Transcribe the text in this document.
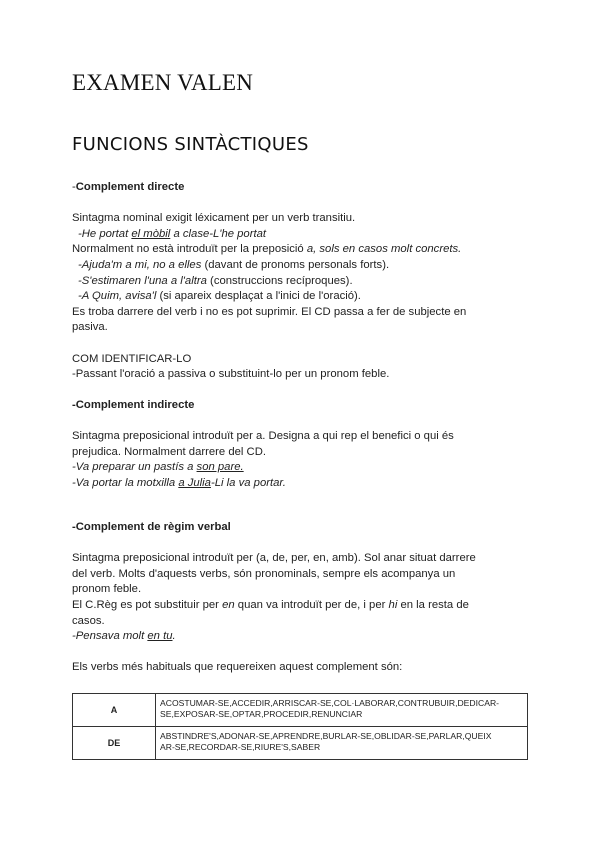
EXAMEN VALEN
FUNCIONS SINTÀCTIQUES
-Complement directe
Sintagma nominal exigit léxicament per un verb transitiu.
-He portat el mòbil a clase-L'he portat
Normalment no està introduït per la preposició a, sols en casos molt concrets.
-Ajuda'm a mi, no a elles (davant de pronoms personals forts).
-S'estimaren l'una a l'altra (construccions recíproques).
-A Quim, avisa'l (si apareix desplaçat a l'inici de l'oració).
Es troba darrere del verb i no es pot suprimir. El CD passa a fer de subjecte en
pasiva.
COM IDENTIFICAR-LO
-Passant l'oració a passiva o substituint-lo per un pronom feble.
-Complement indirecte
Sintagma preposicional introduït per a. Designa a qui rep el benefici o qui és
prejudica. Normalment darrere del CD.
-Va preparar un pastís a son pare.
-Va portar la motxilla a Julia-Li la va portar.
-Complement de règim verbal
Sintagma preposicional introduït per (a, de, per, en, amb). Sol anar situat darrere
del verb. Molts d'aquests verbs, són pronominals, sempre els acompanya un
pronom feble.
El C.Règ es pot substituir per en quan va introduït per de, i per hi en la resta de
casos.
-Pensava molt en tu.
Els verbs més habituals que requereixen aquest complement són:
A	ACOSTUMAR-SE,ACCEDIR,ARRISCAR-SE,COL·LABORAR,CONTRUBUIR,DEDICAR-
SE,EXPOSAR-SE,OPTAR,PROCEDIR,RENUNCIAR

DE	ABSTINDRE'S,ADONAR-SE,APRENDRE,BURLAR-SE,OBLIDAR-SE,PARLAR,QUEIX
AR-SE,RECORDAR-SE,RIURE'S,SABER
